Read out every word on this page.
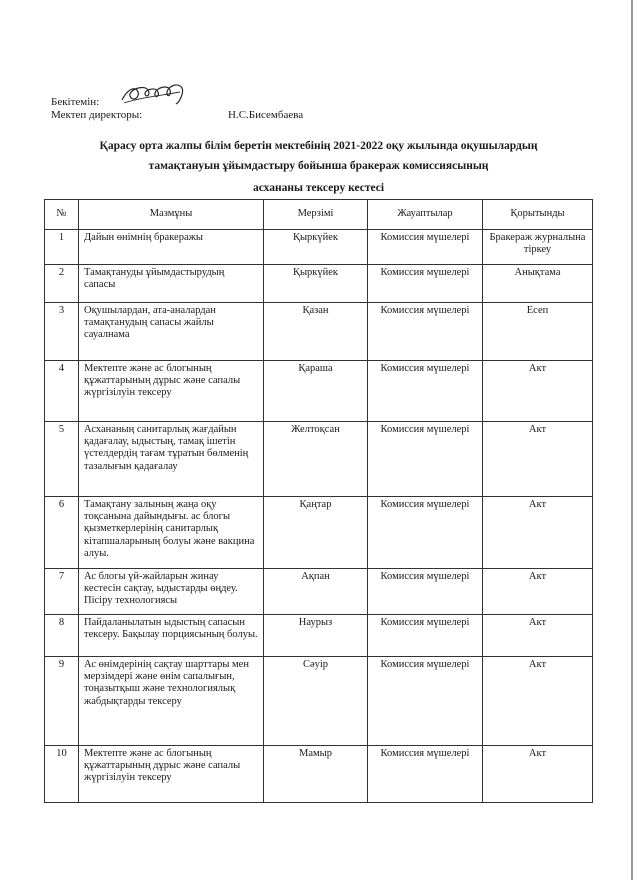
Бекітемін:
Мектеп директоры:	Н.С.Бисембаева
Қарасу орта жалпы білім беретін мектебінің 2021-2022 оқу жылында оқушылардың
тамақтануын ұйымдастыру бойынша бракераж комиссиясының
асхананы тексеру кестесі
№	Мазмұны	Мерзімі	Жауаптылар	Қорытынды
1	Дайын өнімнің бракеражы	Қыркүйек	Комиссия мүшелері	Бракераж журналына тіркеу
2	Тамақтануды ұйымдастырудың сапасы	Қыркүйек	Комиссия мүшелері	Анықтама
3	Оқушылардан, ата-аналардан тамақтанудың сапасы жайлы сауалнама	Қазан	Комиссия мүшелері	Есеп
4	Мектепте және ас блогының құжаттарының дұрыс және сапалы жүргізілуін тексеру	Қараша	Комиссия мүшелері	Акт
5	Асхананың санитарлық жағдайын қадағалау, ыдыстың, тамақ ішетін үстелдердің тағам тұратын бөлменің тазалығын қадағалау	Желтоқсан	Комиссия мүшелері	Акт
6	Тамақтану залының жаңа оқу тоқсанына дайындығы. ас блогы қызметкерлерінің санитарлық кітапшаларының болуы және вакцина алуы.	Қаңтар	Комиссия мүшелері	Акт
7	Ас блогы үй-жайларын жинау кестесін сақтау, ыдыстарды өңдеу. Пісіру технологиясы	Ақпан	Комиссия мүшелері	Акт
8	Пайдаланылатын ыдыстың сапасын тексеру. Бақылау порциясының болуы.	Наурыз	Комиссия мүшелері	Акт
9	Ас өнімдерінің сақтау шарттары мен мерзімдері және өнім сапалығын, тоңазытқыш және технологиялық жабдықтарды тексеру	Сәуір	Комиссия мүшелері	Акт
10	Мектепте және ас блогының құжаттарының дұрыс және сапалы жүргізілуін тексеру	Мамыр	Комиссия мүшелері	Акт
